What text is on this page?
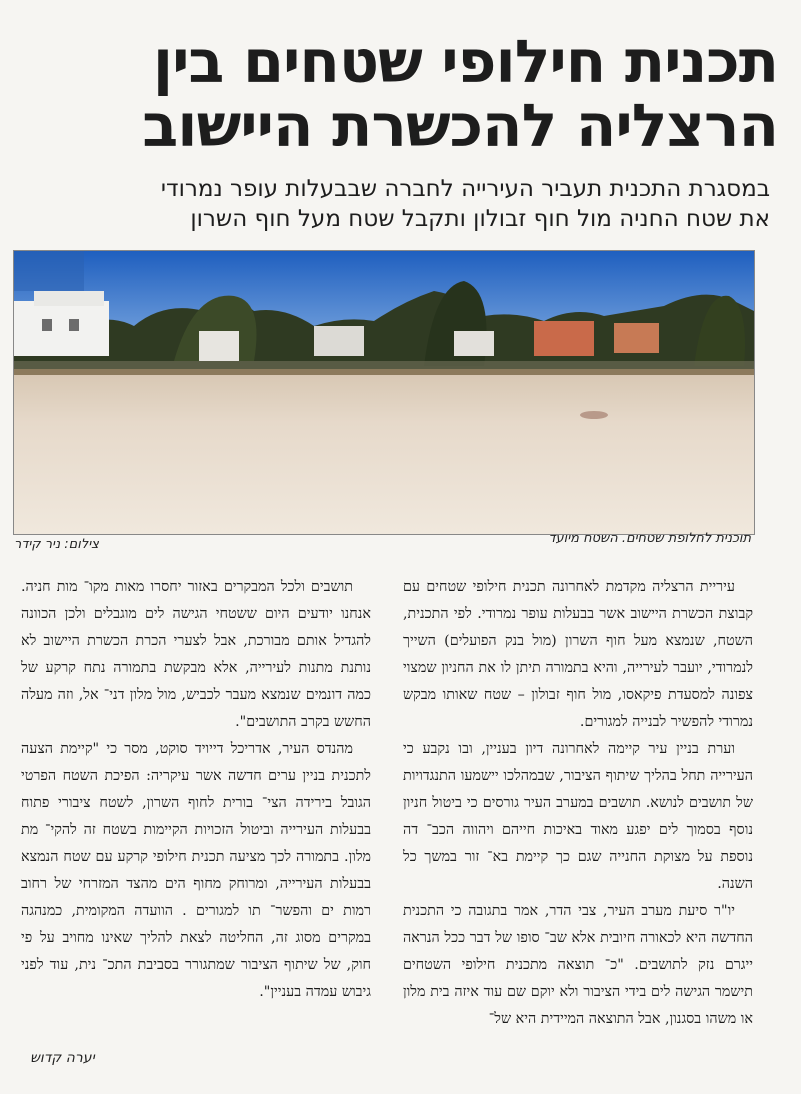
תכנית חילופי שטחים בין
הרצליה להכשרת היישוב
במסגרת התכנית תעביר העירייה לחברה שבבעלות עופר נמרודי
את שטח החניה מול חוף זבולון ותקבל שטח מעל חוף השרון
תוכנית לחלופת שטחים. השטח מיועד
צילום: ניר קידר

עיריית הרצליה מקדמת לאחרונה תכנית חילופי שטחים עם קבוצת הכשרת היישוב אשר בבעלות עופר נמרודי. לפי התכנית, השטח, שנמצא מעל חוף השרון (מול בנק הפועלים) השייך לנמרודי, יועבר לעירייה, והיא בתמורה תיתן לו את החניון שמצוי צפונה למסעדת פיקאסו, מול חוף זבולון – שטח שאותו מבקש נמרודי להפשיר לבנייה למגורים.

וערת בניין עיר קיימה לאחרונה דיון בעניין, ובו נקבע כי העירייה תחל בהליך שיתוף הציבור, שבמהלכו יישמעו התנגדויות של תושבים לנושא. תושבים במערב העיר גורסים כי ביטול חניון נוסף בסמוך לים יפגע מאוד באיכות חייהם ויהווה הכב־ דה נוספת על מצוקת החנייה שגם כך קיימת בא־ זור במשך כל השנה.

יו"ר סיעת מערב העיר, צבי הדר, אמר בתגובה כי התכנית החדשה היא לכאורה חיובית אלא שב־ סופו של דבר ככל הנראה ייגרם נזק לתושבים. "כ־ תוצאה מתכנית חילופי השטחים תישמר הגישה לים בידי הציבור ולא יוקם שם עוד איזה בית מלון או משהו בסגנון, אבל התוצאה המיידית היא של־

תושבים ולכל המבקרים באזור יחסרו מאות מקו־ מות חניה. אנחנו יודעים היום ששטחי הגישה לים מוגבלים ולכן הכוונה להגדיל אותם מבורכת, אבל לצערי הכרת הכשרת היישוב לא נותנת מתנות לעירייה, אלא מבקשת בתמורה נתח קרקע של כמה דונמים שנמצא מעבר לכביש, מול מלון דני־ אל, וזה מעלה החשש בקרב התושבים".

מהנדס העיר, אדריכל דייויד סוקט, מסר כי "קיימת הצעה לתכנית בניין ערים חדשה אשר עיקריה: הפיכת השטח הפרטי הגובל בירידה הצי־ בורית לחוף השרון, לשטח ציבורי פתוח בבעלות העירייה וביטול הזכויות הקיימות בשטח זה להקי־ מת מלון. בתמורה לכך מציעה תכנית חילופי קרקע עם שטח הנמצא בבעלות העירייה, ומרוחק מחוף הים מהצד המזרחי של רחוב רמות ים והפשר־ תו למגורים . הוועדה המקומית, כמנהגה במקרים מסוג זה, החליטה לצאת להליך שאינו מחויב על פי חוק, של שיתוף הציבור שמתגורר בסביבת התכ־ נית, עוד לפני גיבוש עמדה בעניין".

יערה קדוש
